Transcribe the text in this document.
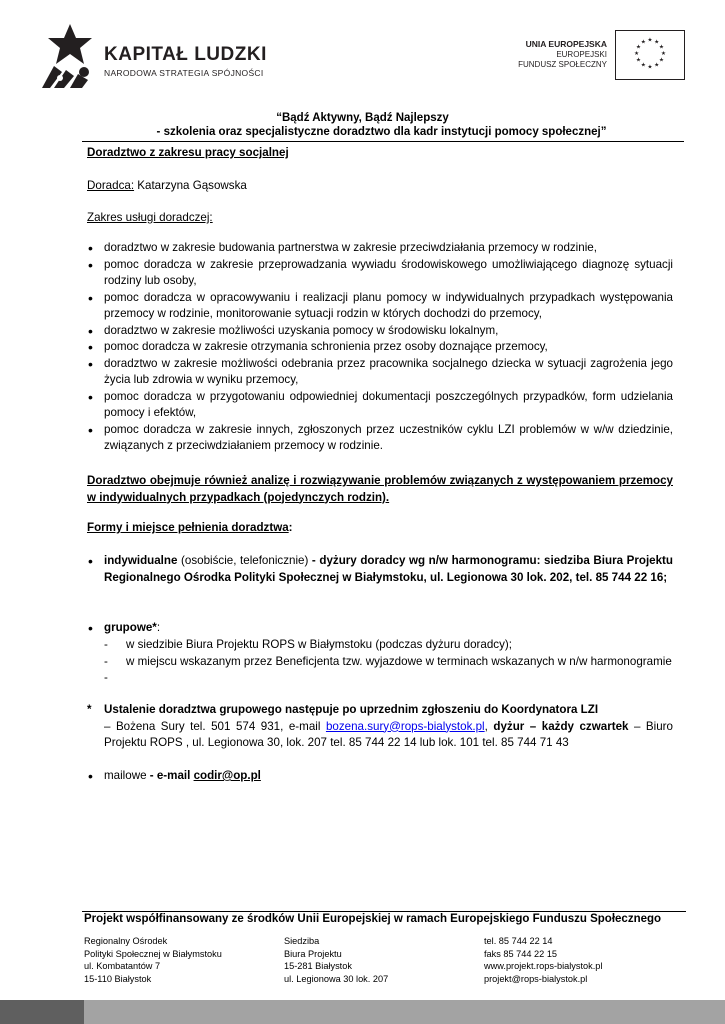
KAPITAŁ LUDZKI
NARODOWA STRATEGIA SPÓJNOŚCI
UNIA EUROPEJSKA
EUROPEJSKI
FUNDUSZ SPOŁECZNY
★ ★
★
★
★
★
★
★
★
★
★
★
“Bądź Aktywny, Bądź Najlepszy
- szkolenia oraz specjalistyczne doradztwo dla kadr instytucji pomocy społecznej”
Doradztwo z zakresu pracy socjalnej
Doradca: Katarzyna Gąsowska
Zakres usługi doradczej:
• doradztwo w zakresie budowania partnerstwa w zakresie przeciwdziałania przemocy w rodzinie,
• pomoc doradcza w zakresie przeprowadzania wywiadu środowiskowego umożliwiającego diagnozę sytuacji rodziny lub osoby,
• pomoc doradcza w opracowywaniu i realizacji planu pomocy w indywidualnych przypadkach występowania przemocy w rodzinie, monitorowanie sytuacji rodzin w których dochodzi do przemocy,
• doradztwo w zakresie możliwości uzyskania pomocy w środowisku lokalnym,
• pomoc doradcza w zakresie otrzymania schronienia przez osoby doznające przemocy,
• doradztwo w zakresie możliwości odebrania przez pracownika socjalnego dziecka w sytuacji zagrożenia jego życia lub zdrowia w wyniku przemocy,
• pomoc doradcza w przygotowaniu odpowiedniej dokumentacji poszczególnych przypadków, form udzielania pomocy i efektów,
• pomoc doradcza w zakresie innych, zgłoszonych przez uczestników cyklu LZI problemów w w/w dziedzinie, związanych z przeciwdziałaniem przemocy w rodzinie.
Doradztwo obejmuje również analizę i rozwiązywanie problemów związanych z występowaniem przemocy w indywidualnych przypadkach (pojedynczych rodzin).
Formy i miejsce pełnienia doradztwa:
• indywidualne (osobiście, telefonicznie) - dyżury doradcy wg n/w harmonogramu: siedziba Biura Projektu Regionalnego Ośrodka Polityki Społecznej w Białymstoku, ul. Legionowa 30 lok. 202, tel. 85 744 22 16;
• grupowe*:
- w siedzibie Biura Projektu ROPS w Białymstoku (podczas dyżuru doradcy);
- w miejscu wskazanym przez Beneficjenta tzw. wyjazdowe w terminach wskazanych w n/w harmonogramie
-
* Ustalenie doradztwa grupowego następuje po uprzednim zgłoszeniu do Koordynatora LZI
– Bożena Sury tel. 501 574 931, e-mail bozena.sury@rops-bialystok.pl, dyżur – każdy czwartek – Biuro Projektu ROPS , ul. Legionowa 30, lok. 207 tel. 85 744 22 14 lub lok. 101 tel. 85 744 71 43
• mailowe - e-mail codir@op.pl
Projekt współfinansowany ze środków Unii Europejskiej w ramach Europejskiego Funduszu Społecznego
Regionalny Ośrodek
Polityki Społecznej w Białymstoku
ul. Kombatantów 7
15-110 Białystok
Siedziba
Biura Projektu
15-281 Białystok
ul. Legionowa 30 lok. 207
tel. 85 744 22 14
faks 85 744 22 15
www.projekt.rops-bialystok.pl
projekt@rops-bialystok.pl
